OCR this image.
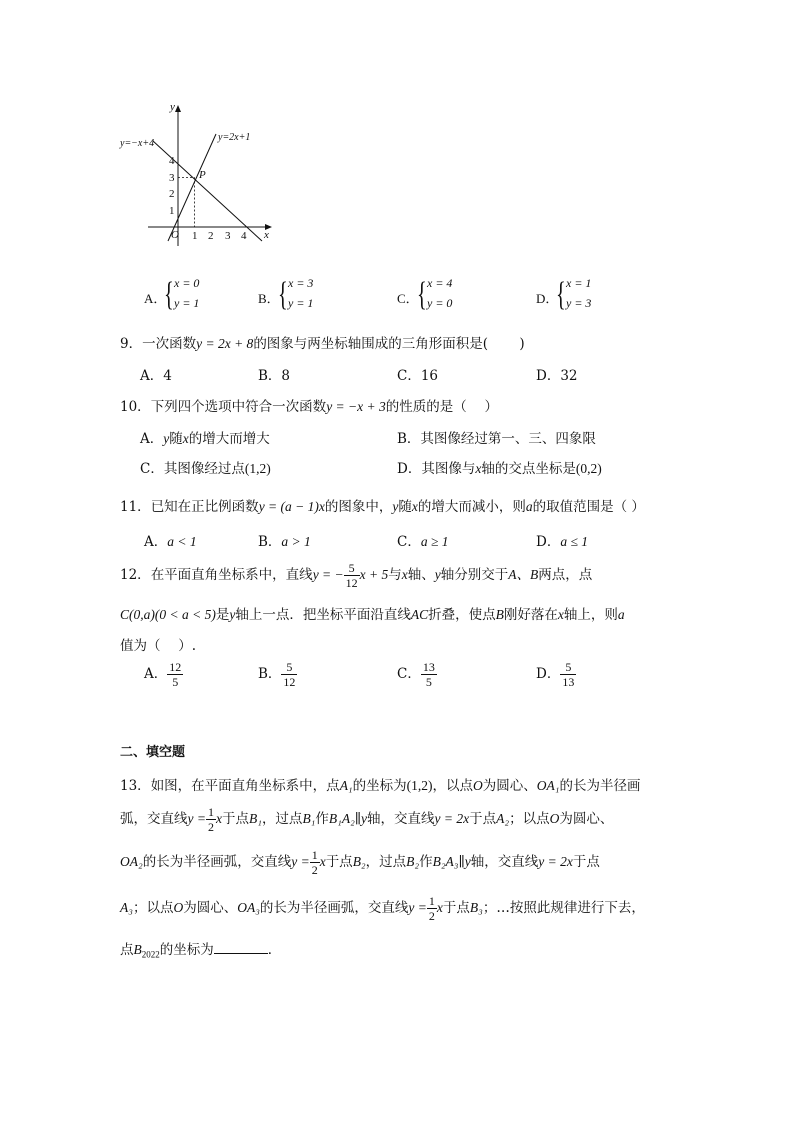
1 2 3 4
1
2
3
4
O
P
x
y
y=−x+4
y=2x+1
A．
{ x = 0
y = 1	B．
{ x = 3
y = 1	C．
{ x = 4
y = 0	D．
{ x = 1
y = 3
9．一次函数y = 2x + 8的图象与两坐标轴围成的三角形面积是(　　 )
A．4	B．8	C．16	D．32
10．下列四个选项中符合一次函数y = −x + 3的性质的是（　 ）
A．y随x的增大而增大	B．其图像经过第一、三、四象限
C．其图像经过点(1,2)	D．其图像与x轴的交点坐标是(0,2)
11．已知在正比例函数y = (a − 1)x的图象中，y随x的增大而减小，则a的取值范围是（ ）
A．a < 1	B．a > 1	C．a ≥ 1	D．a ≤ 1
12．在平面直角坐标系中，直线y = − $\frac{5}{12}$ x + 5与x轴、y轴分别交于A、B两点，点
C(0,a)(0 < a < 5)是y轴上一点．把坐标平面沿直线AC折叠，使点B刚好落在x轴上，则a
值为（　 ）.
A． $\frac{12}{5}$	B． $\frac{5}{12}$	C． $\frac{13}{5}$	D． $\frac{5}{13}$
二、填空题
13．如图，在平面直角坐标系中，点A₁的坐标为(1,2)，以点O为圆心、OA₁的长为半径画
弧，交直线$y = \frac{1}{2}$ x于点B₁，过点B₁作B₁A₂∥y轴，交直线y = 2x于点A₂；以点O为圆心、
OA₂的长为半径画弧，交直线$y = \frac{1}{2}$ x于点B₂，过点B₂作B₂A₃∥y轴，交直线y = 2x于点
A₃；以点O为圆心、OA₃的长为半径画弧，交直线$y = \frac{1}{2}$ x于点B₃；…按照此规律进行下去，
点$B_{2022}$的坐标为	．
